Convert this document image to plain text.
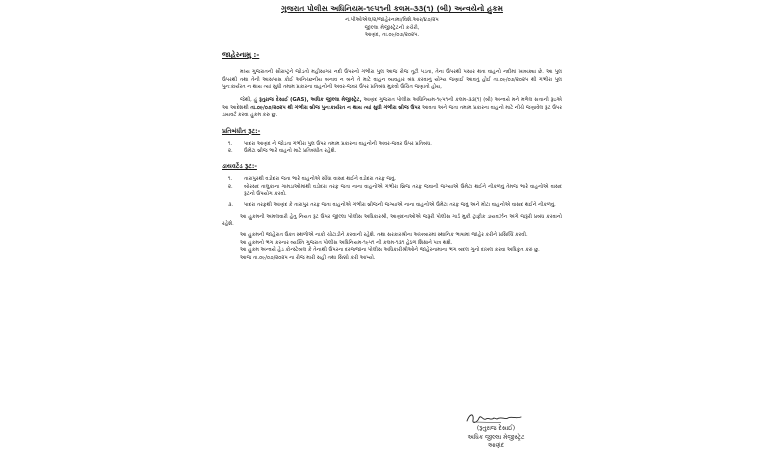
ગુજરાત પોલીસ અધિનિયમ-૧૯૫૧ની કલમ-૩૩(૧) (બી) અન્વયેનો હુકમ
નં.પીઓએલ/૨/જાહેરનામા/વિશે.આર/૪૭/૨૫
જીલ્લા મેજીસ્ટ્રેટની કચેરી,
આણંદ, તા.૦૯/૦૭/૨૦૨૫.
જાહેરનામુ :-

મધ્ય ગુજરાતની સૌરાષ્ટ્રને જોડતો મહીસાગર નદી ઉપરનો ગંભીરા પુલ આજ રોજ તૂટી પડતા, તેના ઉપરથી પસાર થતા વાહનો નદીમાં ખાબક્યા છે. આ પુલ ઉપરથી તથા તેની આસપાસ કોઈ અનિચ્છનીય બનાવ ન બને તે માટે વાહન વ્યવહાર બંધ કરવાનું યોગ્ય જણાઈ આવતું હોઈ તા.૦૯/૦૭/૨૦૨૫ થી ગંભીરા પુલ પુનઃકાર્યરત ન થાય ત્યાં સુધી તમામ પ્રકારના વાહનોની અવર-જવર ઉપર પ્રતિબંધ મુકવો ઉચિત જણાતો હોય,

જેથી, હું રૂતુરાજ દેસાઈ (GAS), અધિક જીલ્લા મેજીસ્ટ્રેટ, આણંદ ગુજરાત પોલીસ અધિનિયમ-૧૯૫૧ની કલમ-૩૩(૧) (બી) અન્વયે મને મળેલ સત્તાની રૂઇએ આ આદેશથી તા.૦૯/૦૭/૨૦૨૫ થી ગંભીરા બ્રીજ પુનઃકાર્યરત ન થાય ત્યાં સુધી ગંભીરા બ્રીજ ઉપર આવતા અને જતા તમામ પ્રકારના વાહનો માટે નીચે જણાવેલ રૂટ ઉપર ડાયવર્ટ કરવા હુકમ કરુ છુ.

પ્રતિબંધીત રૂટ:-
૧.	પાદરા આણંદ ને જોડતા ગંભીરા પુલ ઉપર તમામ પ્રકારના વાહનોની અવર-જવર ઉપર પ્રતિબંધ.
૨.	ઉમેટા બ્રીજ ભારે વાહનો માટે પ્રતિબંધીત રહેશે.
ડાયવર્ટેડ રૂટ:-
૧.	તારાપુરથી વડોદરા જતા ભારે વાહનોએ સીંધા વાસદ થઈને વડોદરા તરફ જવું.
૨.	બોરસદ તાલુકાના ગામડાઓમાંથી વડોદરા તરફ જતા નાના વાહનોએ ગંભીરા બ્રિજ તરફ જવાની જગ્યાએ ઉમેટા થઈને નીકળવું તેમજ ભારે વાહનોએ વાસદ રૂટનો ઉપયોગ કરવો.
૩.	પાદરા તરફથી આણંદ કે તારાપુર તરફ જતા વાહનોએ ગંભીરા બ્રીજની જગ્યાએ નાના વાહનોએ ઉમેટા તરફ જવું અને મોટા વાહનોએ વાસદ થઈને નીકળવું.

આ હુકમની અમલવારી હેતુ નિયત રૂટ ઉપર જીલ્લા પોલીસ અધિકારશ્રી, આણંદનાઓએ જરૂરી પોલીસ ગાર્ડ મુકી ટ્રાફીક ડાયવર્ઝન અંગે જરૂરી પ્રબંધ કરવાનો રહેશે.

આ હુકમની જાહેરાત ઉક્ત સ્થળોએ નાકો ચોટાડીને કરવાની રહેશે. તથા સરકારશ્રીના અખબારમાં સ્થાનિક ભાષામાં જાહેર કરીને પ્રસિધ્ધિ કરવી.

આ હુકમનો ભંગ કરનાર વ્યક્તિ ગુજરાત પોલીસ અધિનિયમ-૧૯૫૧ ની કલમ-૧૩૧ હેઠળ શિક્ષાને પાત્ર થશે.

આ હુકમ અન્વયે હેડ કોન્સ્ટેબલ કે તેનાથી ઉપરના દરજ્જાના પોલીસ અધિકારીશ્રીઓને જાહેરનામાના ભંગ બદલ ગુનો દાખલ કરવા અધિકૃત કરું છુ.

આજ તા.૦૯/૦૭/૨૦૨૫ ના રોજ મારી સહી તથા સિક્કો કરી આપ્યો.

(રૂતુરાજ દેસાઈ)
અધિક જીલ્લા મેજીસ્ટ્રેટ
આણંદ
